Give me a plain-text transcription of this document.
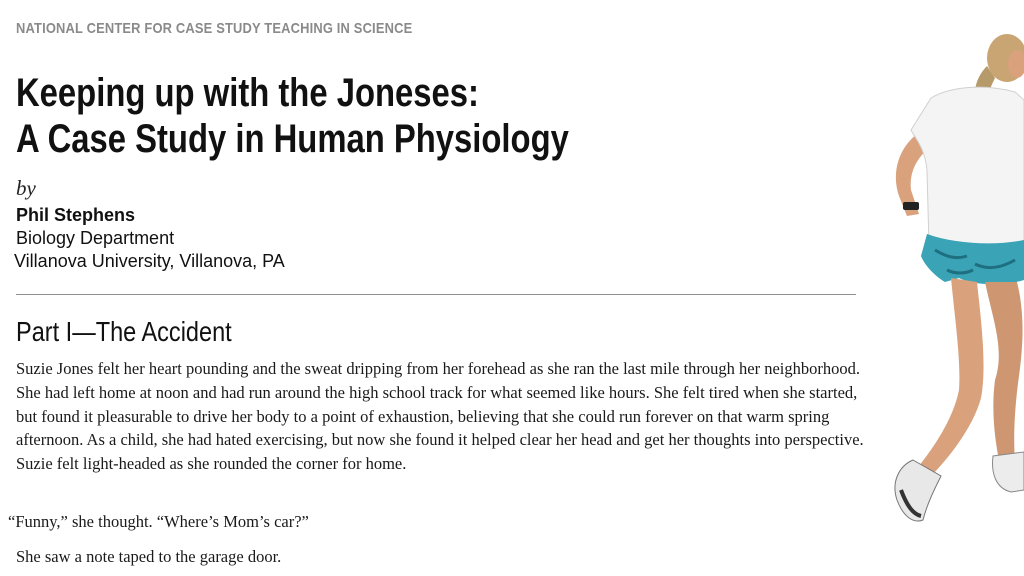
NATIONAL CENTER FOR CASE STUDY TEACHING IN SCIENCE
Keeping up with the Joneses:
A Case Study in Human Physiology
by
Phil Stephens
Biology Department
Villanova University, Villanova, PA
Part I—The Accident

Suzie Jones felt her heart pounding and the sweat dripping from her forehead as she ran the last mile through her neighborhood. She had left home at noon and had run around the high school track for what seemed like hours. She felt tired when she started, but found it pleasurable to drive her body to a point of exhaustion, believing that she could run forever on that warm spring afternoon. As a child, she had hated exercising, but now she found it helped clear her head and get her thoughts into perspective. Suzie felt light-headed as she rounded the corner for home.

“Funny,” she thought. “Where’s Mom’s car?”

She saw a note taped to the garage door.
